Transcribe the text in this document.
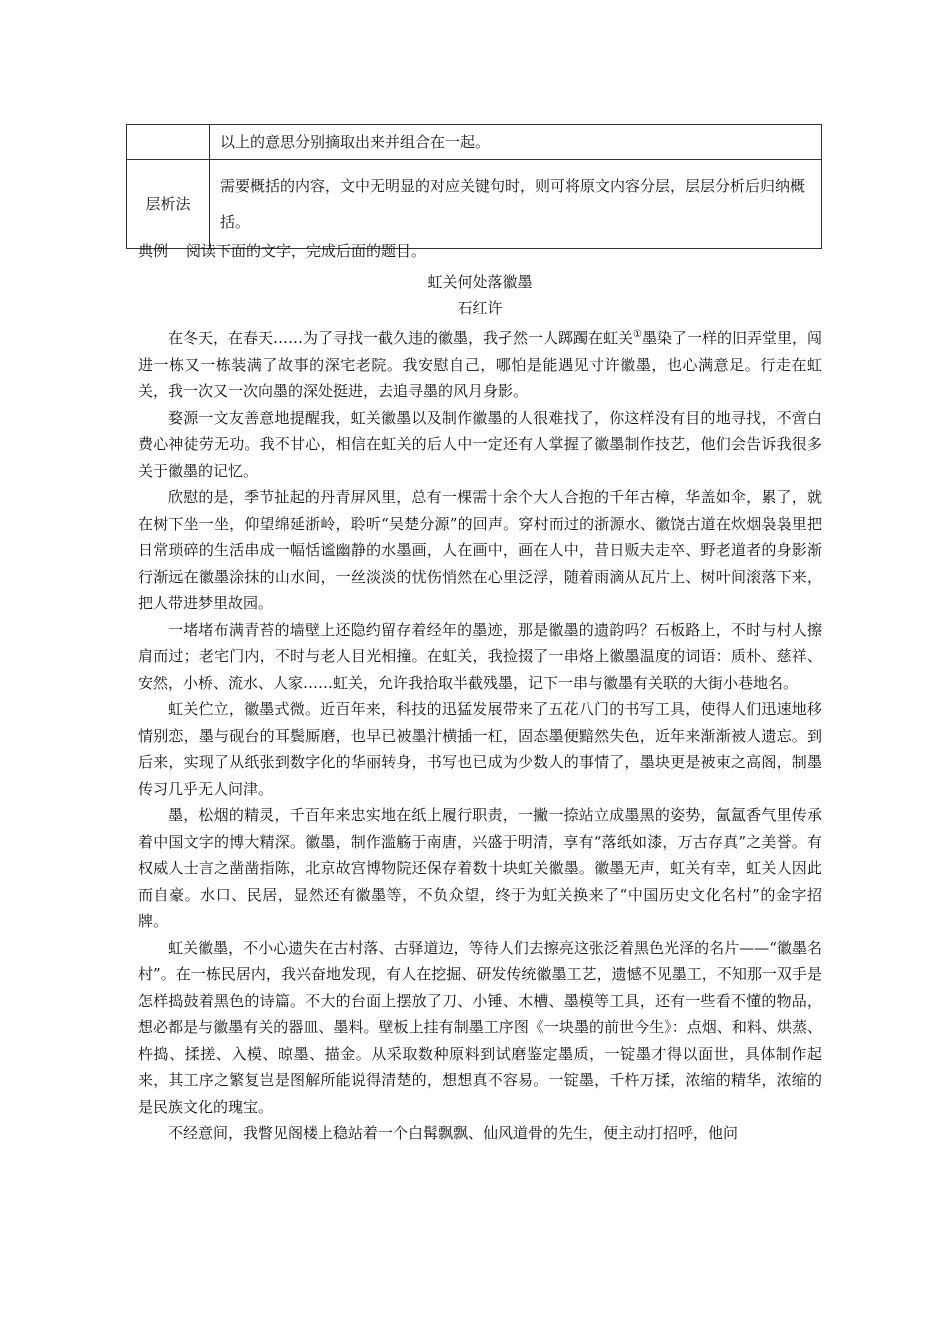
	以上的意思分别摘取出来并组合在一起。
层析法	需要概括的内容，文中无明显的对应关键句时，则可将原文内容分层，层层分析后归纳概括。

典例 阅读下面的文字，完成后面的题目。

虹关何处落徽墨

石红许

在冬天，在春天……为了寻找一截久违的徽墨，我孑然一人踯躅在虹关①墨染了一样的旧弄堂里，闯进一栋又一栋装满了故事的深宅老院。我安慰自己，哪怕是能遇见寸许徽墨，也心满意足。行走在虹关，我一次又一次向墨的深处挺进，去追寻墨的风月身影。

婺源一文友善意地提醒我，虹关徽墨以及制作徽墨的人很难找了，你这样没有目的地寻找，不啻白费心神徒劳无功。我不甘心，相信在虹关的后人中一定还有人掌握了徽墨制作技艺，他们会告诉我很多关于徽墨的记忆。

欣慰的是，季节扯起的丹青屏风里，总有一棵需十余个大人合抱的千年古樟，华盖如伞，累了，就在树下坐一坐，仰望绵延浙岭，聆听“吴楚分源”的回声。穿村而过的浙源水、徽饶古道在炊烟袅袅里把日常琐碎的生活串成一幅恬谧幽静的水墨画，人在画中，画在人中，昔日贩夫走卒、野老道者的身影渐行渐远在徽墨涂抹的山水间，一丝淡淡的忧伤悄然在心里泛浮，随着雨滴从瓦片上、树叶间滚落下来，把人带进梦里故园。

一堵堵布满青苔的墙壁上还隐约留存着经年的墨迹，那是徽墨的遗韵吗？石板路上，不时与村人擦肩而过；老宅门内，不时与老人目光相撞。在虹关，我捡掇了一串烙上徽墨温度的词语：质朴、慈祥、安然，小桥、流水、人家……虹关，允许我拾取半截残墨，记下一串与徽墨有关联的大街小巷地名。

虹关伫立，徽墨式微。近百年来，科技的迅猛发展带来了五花八门的书写工具，使得人们迅速地移情别恋，墨与砚台的耳鬓厮磨，也早已被墨汁横插一杠，固态墨便黯然失色，近年来渐渐被人遗忘。到后来，实现了从纸张到数字化的华丽转身，书写也已成为少数人的事情了，墨块更是被束之高阁，制墨传习几乎无人问津。

墨，松烟的精灵，千百年来忠实地在纸上履行职责，一撇一捺站立成墨黑的姿势，氤氲香气里传承着中国文字的博大精深。徽墨，制作滥觞于南唐，兴盛于明清，享有“落纸如漆，万古存真”之美誉。有权威人士言之凿凿指陈，北京故宫博物院还保存着数十块虹关徽墨。徽墨无声，虹关有幸，虹关人因此而自豪。水口、民居，显然还有徽墨等，不负众望，终于为虹关换来了“中国历史文化名村”的金字招牌。

虹关徽墨，不小心遗失在古村落、古驿道边，等待人们去擦亮这张泛着黑色光泽的名片——“徽墨名村”。在一栋民居内，我兴奋地发现，有人在挖掘、研发传统徽墨工艺，遗憾不见墨工，不知那一双手是怎样捣鼓着黑色的诗篇。不大的台面上摆放了刀、小锤、木槽、墨模等工具，还有一些看不懂的物品，想必都是与徽墨有关的器皿、墨料。壁板上挂有制墨工序图《一块墨的前世今生》：点烟、和料、烘蒸、杵捣、揉搓、入模、晾墨、描金。从采取数种原料到试磨鉴定墨质，一锭墨才得以面世，具体制作起来，其工序之繁复岂是图解所能说得清楚的，想想真不容易。一锭墨，千杵万揉，浓缩的精华，浓缩的是民族文化的瑰宝。

不经意间，我瞥见阁楼上稳站着一个白髯飘飘、仙风道骨的先生，便主动打招呼，他问
